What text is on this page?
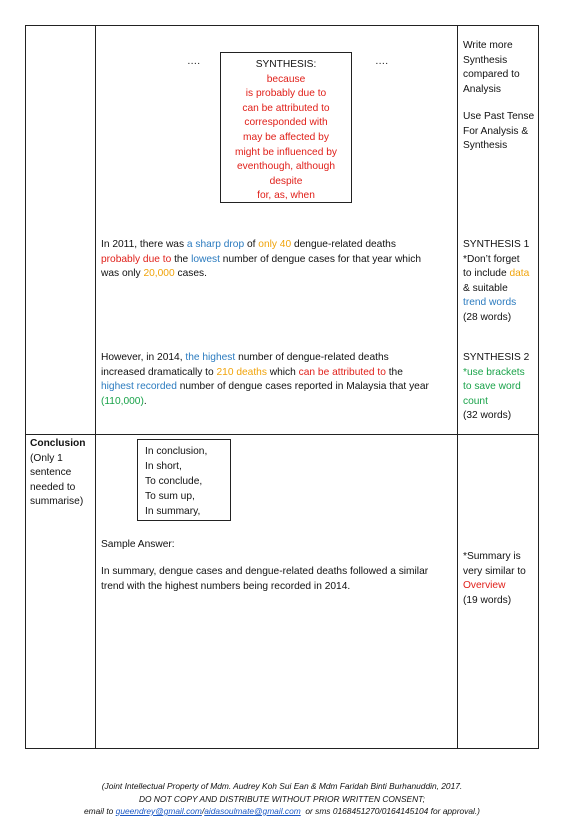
….	….
SYNTHESIS:
because
is probably due to
can be attributed to
corresponded with
may be affected by
might be influenced by
eventhough, although
despite
for, as, when
Write more
Synthesis
compared to
Analysis
Use Past Tense
For Analysis &
Synthesis
In 2011, there was a sharp drop of only 40 dengue-related deaths
probably due to the lowest number of dengue cases for that year which
was only 20,000 cases.
SYNTHESIS 1
*Don’t forget
to include data
& suitable
trend words
(28 words)
However, in 2014, the highest number of dengue-related deaths
increased dramatically to 210 deaths which can be attributed to the
highest recorded number of dengue cases reported in Malaysia that year
(110,000).
SYNTHESIS 2
*use brackets
to save word
count
(32 words)
Conclusion
(Only 1
sentence
needed to
summarise)
In conclusion,
In short,
To conclude,
To sum up,
In summary,
Sample Answer:
In summary, dengue cases and dengue-related deaths followed a similar
trend with the highest numbers being recorded in 2014.
*Summary is
very similar to
Overview
(19 words)
(Joint Intellectual Property of Mdm. Audrey Koh Sui Ean & Mdm Faridah Binti Burhanuddin, 2017.
DO NOT COPY AND DISTRIBUTE WITHOUT PRIOR WRITTEN CONSENT;
email to queendrey@gmail.com/aidasoulmate@gmail.com  or sms 0168451270/0164145104 for approval.)
